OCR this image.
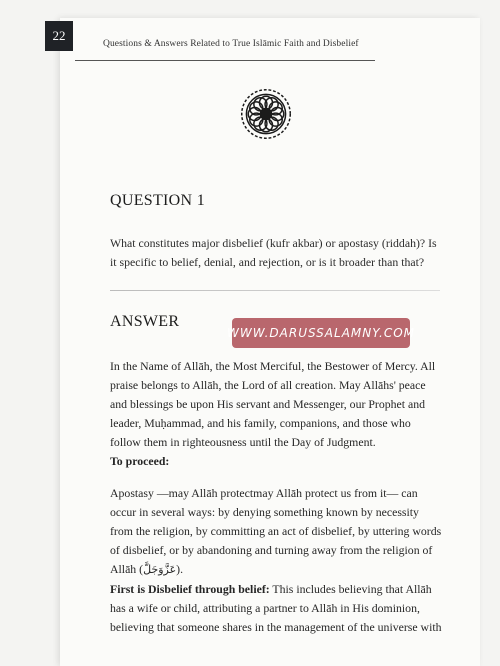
22
Questions & Answers Related to True Islāmic Faith and Disbelief
QUESTION 1
What constitutes major disbelief (kufr akbar) or apostasy (riddah)? Is it specific to belief, denial, and rejection, or is it broader than that?
ANSWER
WWW.DARUSSALAMNY.COM
In the Name of Allāh, the Most Merciful, the Bestower of Mercy. All praise belongs to Allāh, the Lord of all creation. May Allāhs' peace and blessings be upon His servant and Messenger, our Prophet and leader, Muḥammad, and his family, companions, and those who follow them in righteousness until the Day of Judgment.
To proceed:
Apostasy —may Allāh protectmay Allāh protect us from it— can occur in several ways: by denying something known by necessity from the religion, by committing an act of disbelief, by uttering words of disbelief, or by abandoning and turning away from the religion of Allāh (عَزَّوَجَلَّ).
First is Disbelief through belief: This includes believing that Allāh has a wife or child, attributing a partner to Allāh in His dominion, believing that someone shares in the management of the universe with
